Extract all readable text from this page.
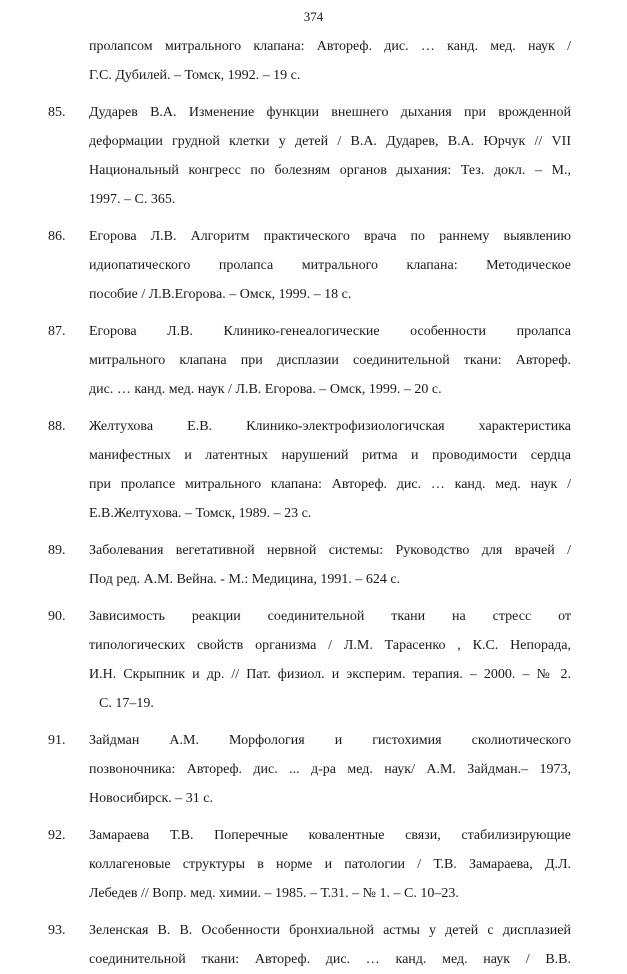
374
пролапсом митрального клапана: Автореф. дис. … канд. мед. наук /
Г.С. Дубилей. – Томск, 1992. – 19 с.
85.	Дударев В.А. Изменение функции внешнего дыхания при врожденной
деформации грудной клетки у детей / В.А. Дударев, В.А. Юрчук // VII
Национальный конгресс по болезням органов дыхания: Тез. докл. – М.,
1997. – С. 365.
86.	Егорова Л.В. Алгоритм практического врача по раннему выявлению
идиопатического пролапса митрального клапана: Методическое
пособие / Л.В.Егорова. – Омск, 1999. – 18 с.
87.	Егорова Л.В. Клинико-генеалогические особенности пролапса
митрального клапана при дисплазии соединительной ткани: Автореф.
дис. … канд. мед. наук / Л.В. Егорова. – Омск, 1999. – 20 с.
88.	Желтухова Е.В. Клинико-электрофизиологичская характеристика
манифестных и латентных нарушений ритма и проводимости сердца
при пролапсе митрального клапана: Автореф. дис. … канд. мед. наук /
Е.В.Желтухова. – Томск, 1989. – 23 с.
89.	Заболевания вегетативной нервной системы: Руководство для врачей /
Под ред. А.М. Вейна. - М.: Медицина, 1991. – 624 с.
90.	Зависимость реакции соединительной ткани на стресс от
типологических свойств организма / Л.М. Тарасенко , К.С. Непорада,
И.Н. Скрыпник и др. // Пат. физиол. и эксперим. терапия. – 2000. – № 2.
С. 17–19.
91.	Зайдман А.М. Морфология и гистохимия сколиотического
позвоночника: Автореф. дис. ... д-ра мед. наук/ А.М. Зайдман.– 1973,
Новосибирск. – 31 с.
92.	Замараева Т.В. Поперечные ковалентные связи, стабилизирующие
коллагеновые структуры в норме и патологии / Т.В. Замараева, Д.Л.
Лебедев // Вопр. мед. химии. – 1985. – Т.31. – № 1. – С. 10–23.
93.	Зеленская В. В. Особенности бронхиальной астмы у детей с дисплазией
соединительной ткани: Автореф. дис. … канд. мед. наук / В.В.
